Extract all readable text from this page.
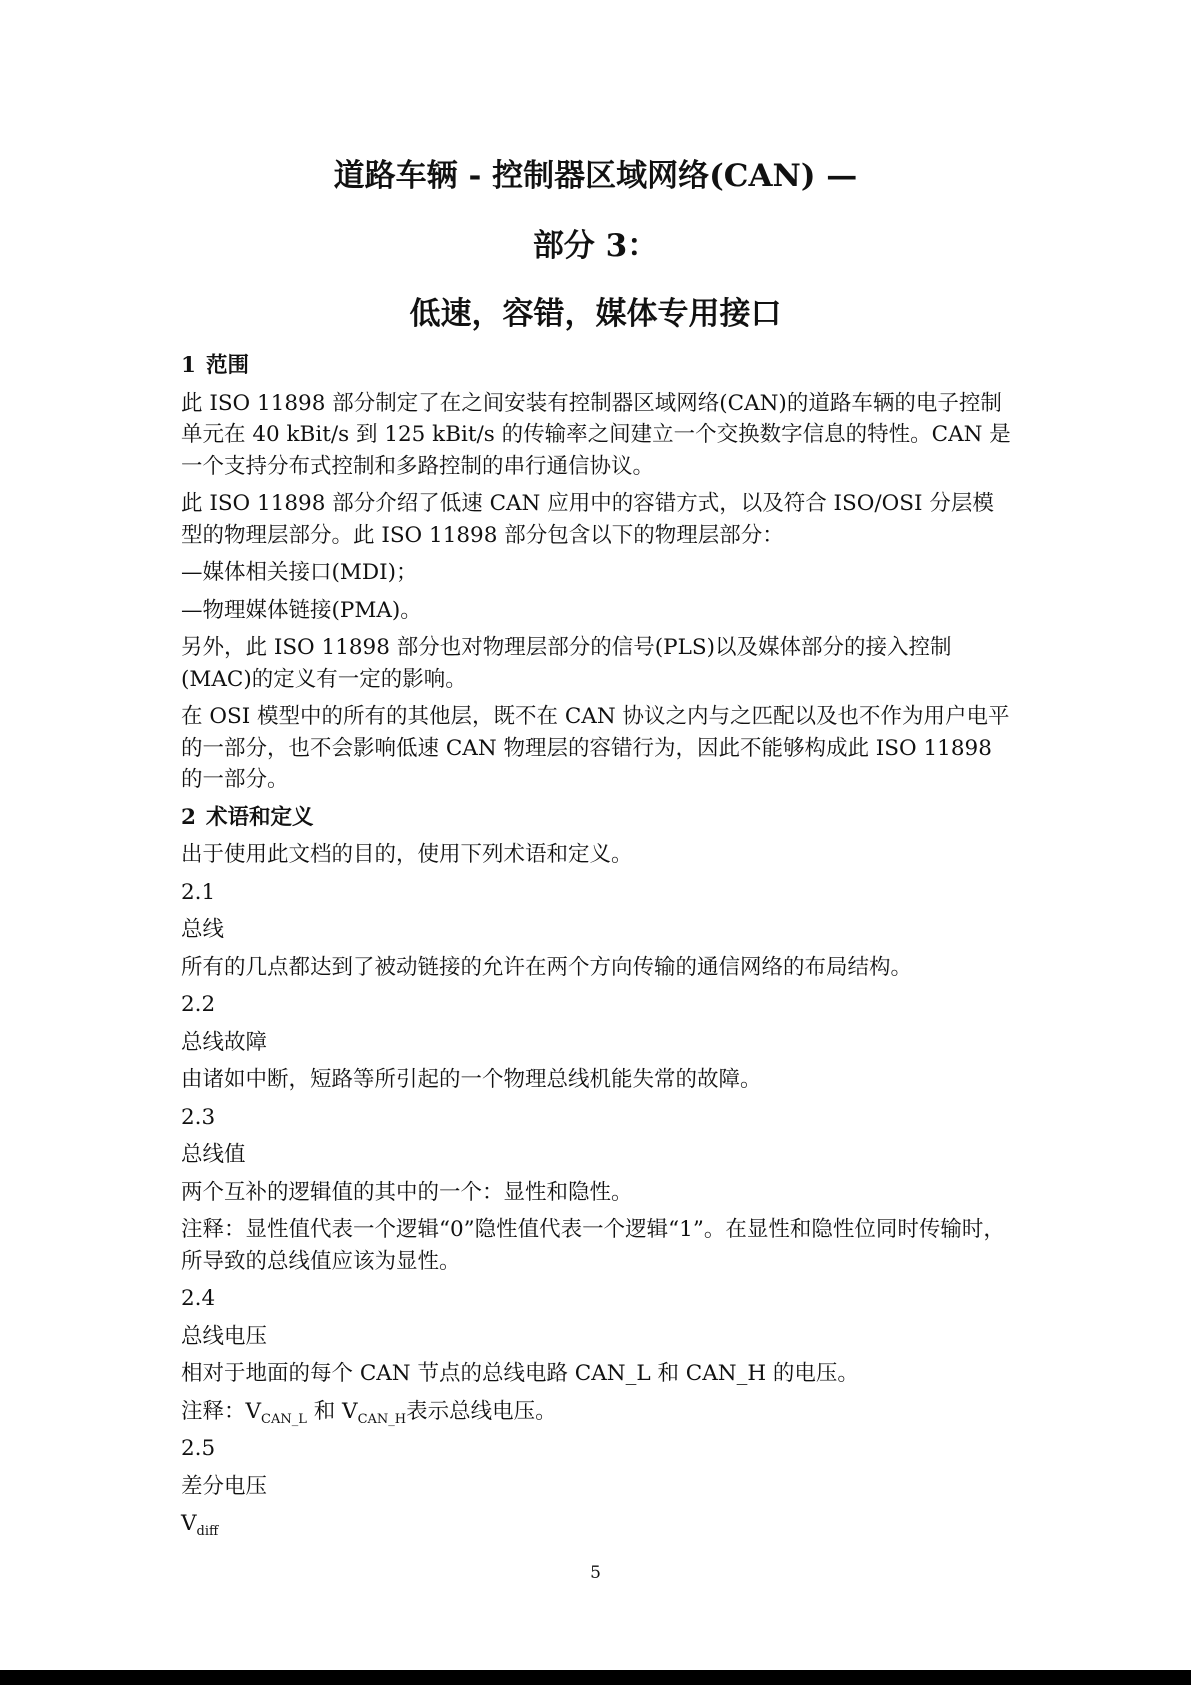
道路车辆 - 控制器区域网络(CAN) —
部分 3：
低速，容错，媒体专用接口

1 范围

此 ISO 11898 部分制定了在之间安装有控制器区域网络(CAN)的道路车辆的电子控制单元在 40 kBit/s 到 125 kBit/s 的传输率之间建立一个交换数字信息的特性。CAN 是一个支持分布式控制和多路控制的串行通信协议。

此 ISO 11898 部分介绍了低速 CAN 应用中的容错方式，以及符合 ISO/OSI 分层模型的物理层部分。此 ISO 11898 部分包含以下的物理层部分：

—媒体相关接口(MDI)；

—物理媒体链接(PMA)。

另外，此 ISO 11898 部分也对物理层部分的信号(PLS)以及媒体部分的接入控制(MAC)的定义有一定的影响。

在 OSI 模型中的所有的其他层，既不在 CAN 协议之内与之匹配以及也不作为用户电平的一部分，也不会影响低速 CAN 物理层的容错行为，因此不能够构成此 ISO 11898 的一部分。

2 术语和定义

出于使用此文档的目的，使用下列术语和定义。

2.1

总线

所有的几点都达到了被动链接的允许在两个方向传输的通信网络的布局结构。

2.2

总线故障

由诸如中断，短路等所引起的一个物理总线机能失常的故障。

2.3

总线值

两个互补的逻辑值的其中的一个：显性和隐性。

注释：显性值代表一个逻辑“0”隐性值代表一个逻辑“1”。在显性和隐性位同时传输时，所导致的总线值应该为显性。

2.4

总线电压

相对于地面的每个 CAN 节点的总线电路 CAN_L 和 CAN_H 的电压。

注释：$V_{CAN\_L}$ 和 $V_{CAN\_H}$表示总线电压。

2.5

差分电压

$V_{diff}$

5
